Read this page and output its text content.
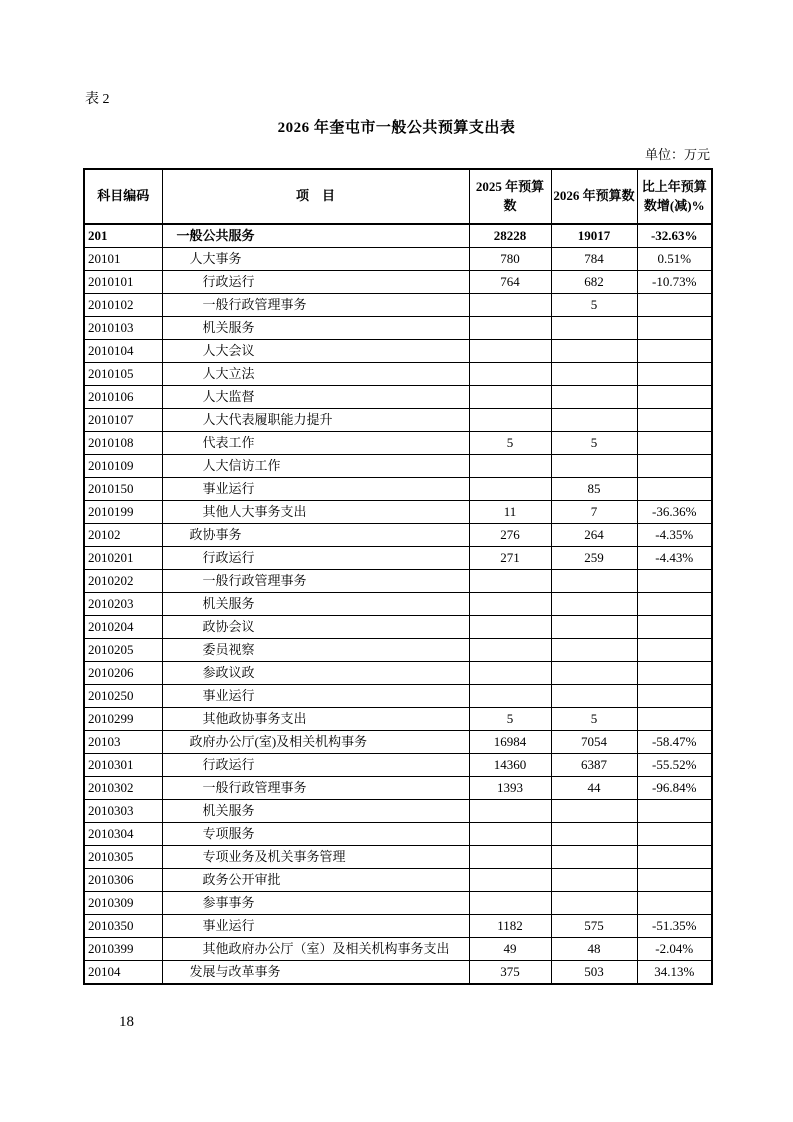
表 2
2026 年奎屯市一般公共预算支出表
单位：万元
科目编码	项　目	2025 年预算数	2026 年预算数	比上年预算数增(减)%
201	一般公共服务	28228	19017	-32.63%
20101	人大事务	780	784	0.51%
2010101	行政运行	764	682	-10.73%
2010102	一般行政管理事务		5	
2010103	机关服务			
2010104	人大会议			
2010105	人大立法			
2010106	人大监督			
2010107	人大代表履职能力提升			
2010108	代表工作	5	5	
2010109	人大信访工作			
2010150	事业运行		85	
2010199	其他人大事务支出	11	7	-36.36%
20102	政协事务	276	264	-4.35%
2010201	行政运行	271	259	-4.43%
2010202	一般行政管理事务			
2010203	机关服务			
2010204	政协会议			
2010205	委员视察			
2010206	参政议政			
2010250	事业运行			
2010299	其他政协事务支出	5	5	
20103	政府办公厅(室)及相关机构事务	16984	7054	-58.47%
2010301	行政运行	14360	6387	-55.52%
2010302	一般行政管理事务	1393	44	-96.84%
2010303	机关服务			
2010304	专项服务			
2010305	专项业务及机关事务管理			
2010306	政务公开审批			
2010309	参事事务			
2010350	事业运行	1182	575	-51.35%
2010399	其他政府办公厅（室）及相关机构事务支出	49	48	-2.04%
20104	发展与改革事务	375	503	34.13%
18
